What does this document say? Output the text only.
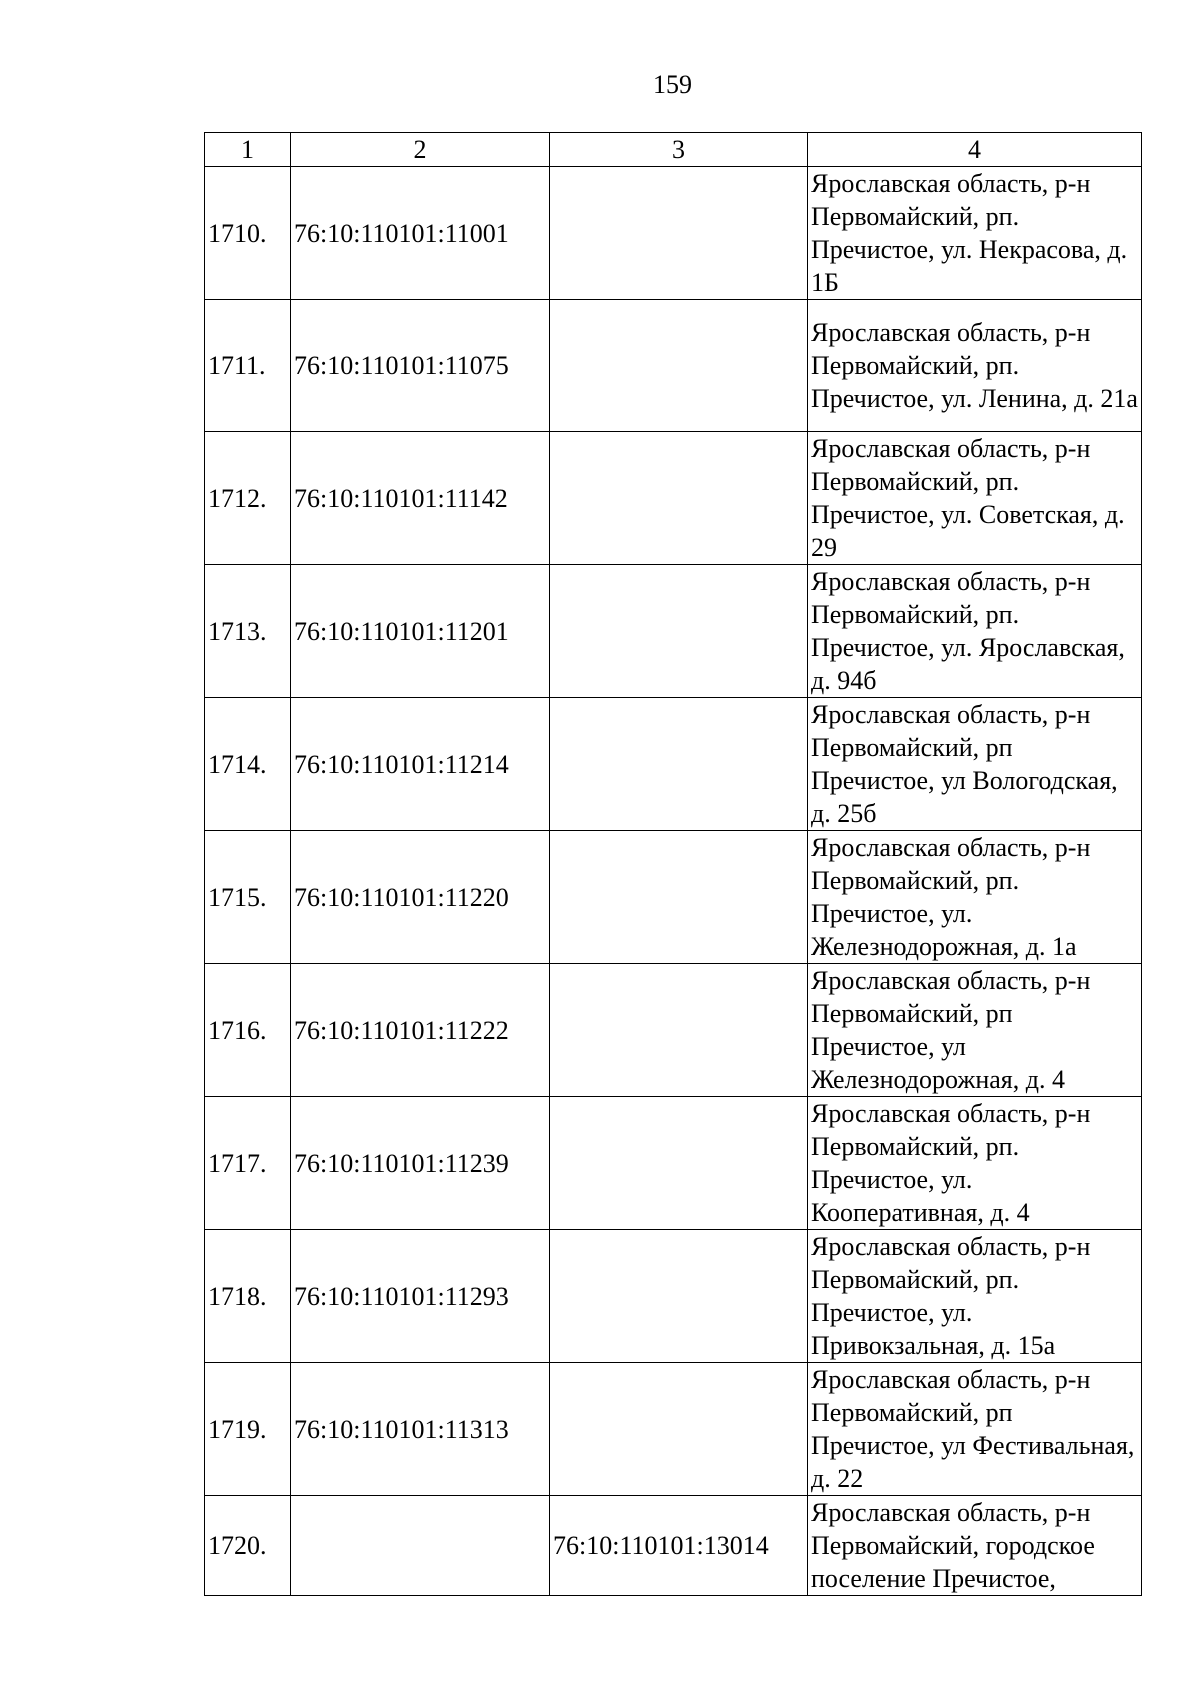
159
1	2	3	4
1710.	76:10:110101:11001		Ярославская область, р-н Первомайский, рп. Пречистое, ул. Некрасова, д. 1Б
1711.	76:10:110101:11075		Ярославская область, р-н Первомайский, рп. Пречистое, ул. Ленина, д. 21а
1712.	76:10:110101:11142		Ярославская область, р-н Первомайский, рп. Пречистое, ул. Советская, д. 29
1713.	76:10:110101:11201		Ярославская область, р-н Первомайский, рп. Пречистое, ул. Ярославская, д. 94б
1714.	76:10:110101:11214		Ярославская область, р-н Первомайский, рп Пречистое, ул Вологодская, д. 25б
1715.	76:10:110101:11220		Ярославская область, р-н Первомайский, рп. Пречистое, ул. Железнодорожная, д. 1а
1716.	76:10:110101:11222		Ярославская область, р-н Первомайский, рп Пречистое, ул Железнодорожная, д. 4
1717.	76:10:110101:11239		Ярославская область, р-н Первомайский, рп. Пречистое, ул. Кооперативная, д. 4
1718.	76:10:110101:11293		Ярославская область, р-н Первомайский, рп. Пречистое, ул. Привокзальная, д. 15а
1719.	76:10:110101:11313		Ярославская область, р-н Первомайский, рп Пречистое, ул Фестивальная, д. 22
1720.		76:10:110101:13014	Ярославская область, р-н Первомайский, городское поселение Пречистое,
